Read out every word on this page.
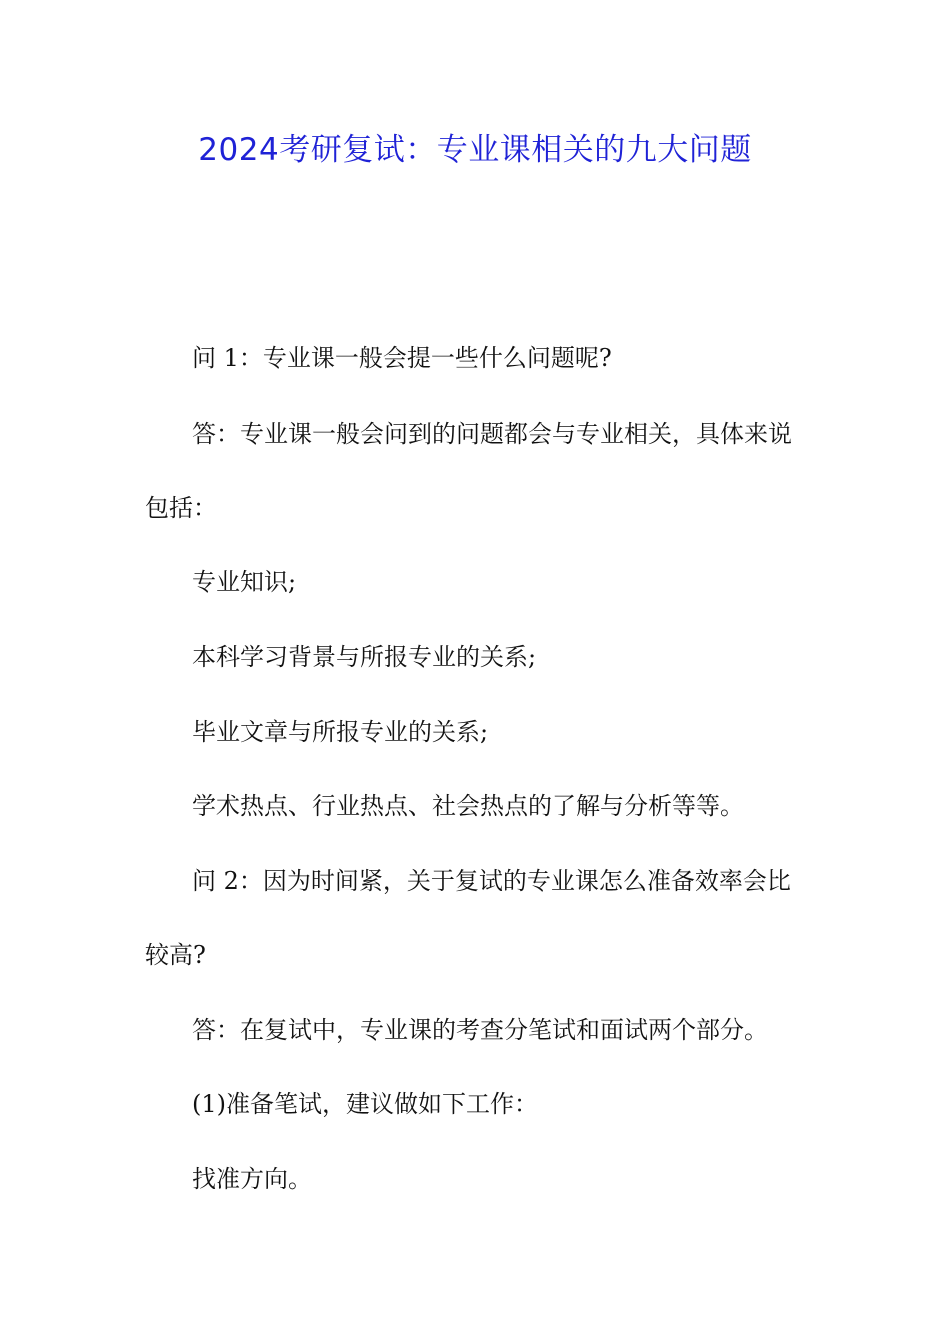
2024考研复试：专业课相关的九大问题

问 1：专业课一般会提一些什么问题呢?

答：专业课一般会问到的问题都会与专业相关，具体来说

包括：

专业知识;

本科学习背景与所报专业的关系;

毕业文章与所报专业的关系;

学术热点、行业热点、社会热点的了解与分析等等。

问 2：因为时间紧，关于复试的专业课怎么准备效率会比

较高?

答：在复试中，专业课的考查分笔试和面试两个部分。

(1)准备笔试，建议做如下工作：

找准方向。
